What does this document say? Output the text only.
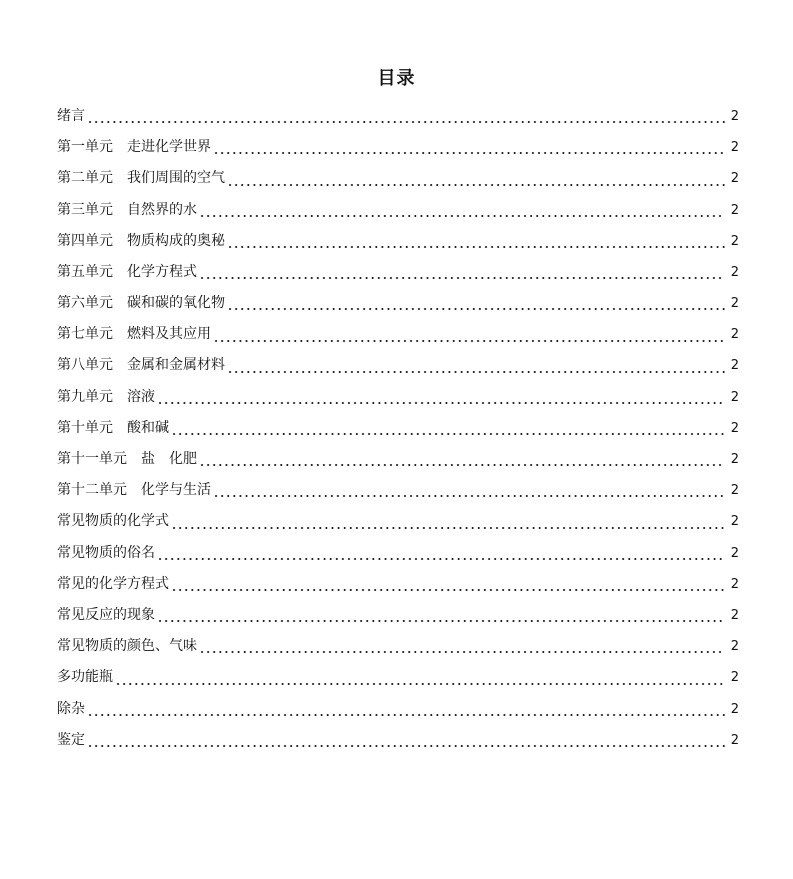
目录
绪言	2
第一单元　走进化学世界	2
第二单元　我们周围的空气	2
第三单元　自然界的水	2
第四单元　物质构成的奥秘	2
第五单元　化学方程式	2
第六单元　碳和碳的氧化物	2
第七单元　燃料及其应用	2
第八单元　金属和金属材料	2
第九单元　溶液	2
第十单元　酸和碱	2
第十一单元　盐　化肥	2
第十二单元　化学与生活	2
常见物质的化学式	2
常见物质的俗名	2
常见的化学方程式	2
常见反应的现象	2
常见物质的颜色、气味	2
多功能瓶	2
除杂	2
鉴定	2
